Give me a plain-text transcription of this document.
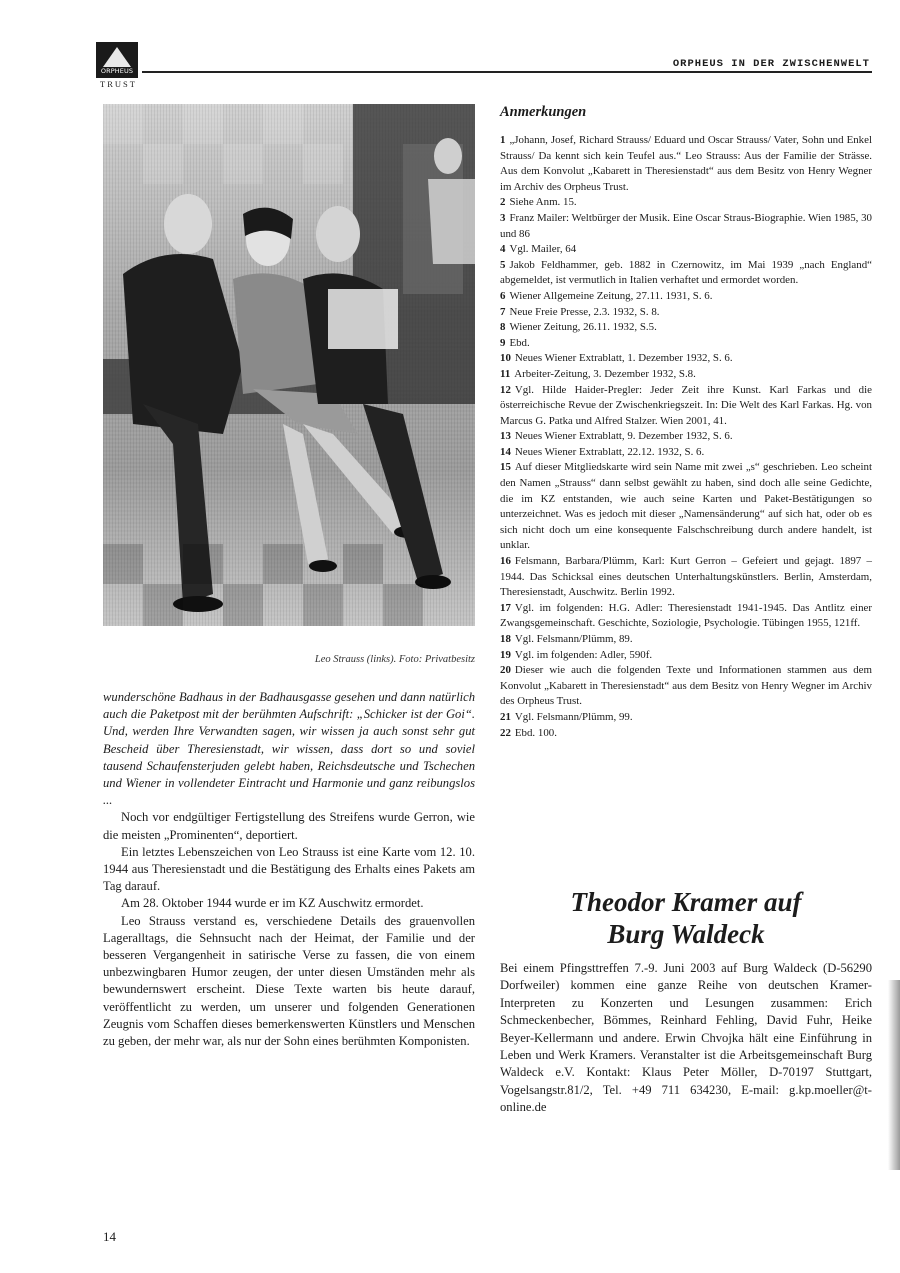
ORPHEUS
TRUST
ORPHEUS IN DER ZWISCHENWELT
Leo Strauss (links). Foto: Privatbesitz

wunderschöne Badhaus in der Badhausgasse gesehen und dann natürlich auch die Paketpost mit der berühmten Aufschrift: „Schicker ist der Goi“. Und, werden Ihre Verwandten sagen, wir wissen ja auch sonst sehr gut Bescheid über Theresienstadt, wir wissen, dass dort so und soviel tausend Schaufensterjuden gelebt haben, Reichsdeutsche und Tschechen und Wiener in vollendeter Eintracht und Harmonie und ganz reibungslos ...

Noch vor endgültiger Fertigstellung des Streifens wurde Gerron, wie die meisten „Prominenten“, deportiert.

Ein letztes Lebenszeichen von Leo Strauss ist eine Karte vom 12. 10. 1944 aus Theresienstadt und die Bestätigung des Erhalts eines Pakets am Tag darauf.

Am 28. Oktober 1944 wurde er im KZ Auschwitz ermordet.

Leo Strauss verstand es, verschiedene Details des grauenvollen Lageralltags, die Sehnsucht nach der Heimat, der Familie und der besseren Vergangenheit in satirische Verse zu fassen, die von einem unbezwingbaren Humor zeugen, der unter diesen Umständen mehr als bewundernswert erscheint. Diese Texte warten bis heute darauf, veröffentlicht zu werden, um unserer und folgenden Generationen Zeugnis vom Schaffen dieses bemerkenswerten Künstlers und Menschen zu geben, der mehr war, als nur der Sohn eines berühmten Komponisten.

Anmerkungen

1 „Johann, Josef, Richard Strauss/ Eduard und Oscar Strauss/ Vater, Sohn und Enkel Strauss/ Da kennt sich kein Teufel aus.“ Leo Strauss: Aus der Familie der Strässe. Aus dem Konvolut „Kabarett in Theresienstadt“ aus dem Besitz von Henry Wegner im Archiv des Orpheus Trust.

2 Siehe Anm. 15.

3 Franz Mailer: Weltbürger der Musik. Eine Oscar Straus-Biographie. Wien 1985, 30 und 86

4 Vgl. Mailer, 64

5 Jakob Feldhammer, geb. 1882 in Czernowitz, im Mai 1939 „nach England“ abgemeldet, ist vermutlich in Italien verhaftet und ermordet worden.

6 Wiener Allgemeine Zeitung, 27.11. 1931, S. 6.

7 Neue Freie Presse, 2.3. 1932, S. 8.

8 Wiener Zeitung, 26.11. 1932, S.5.

9 Ebd.

10 Neues Wiener Extrablatt, 1. Dezember 1932, S. 6.

11 Arbeiter-Zeitung, 3. Dezember 1932, S.8.

12 Vgl. Hilde Haider-Pregler: Jeder Zeit ihre Kunst. Karl Farkas und die österreichische Revue der Zwischenkriegszeit. In: Die Welt des Karl Farkas. Hg. von Marcus G. Patka und Alfred Stalzer. Wien 2001, 41.

13 Neues Wiener Extrablatt, 9. Dezember 1932, S. 6.

14 Neues Wiener Extrablatt, 22.12. 1932, S. 6.

15 Auf dieser Mitgliedskarte wird sein Name mit zwei „s“ geschrieben. Leo scheint den Namen „Strauss“ dann selbst gewählt zu haben, sind doch alle seine Gedichte, die im KZ entstanden, wie auch seine Karten und Paket-Bestätigungen so unterzeichnet. Was es jedoch mit dieser „Namensänderung“ auf sich hat, oder ob es sich nicht doch um eine konsequente Falschschreibung durch andere handelt, ist unklar.

16 Felsmann, Barbara/Plümm, Karl: Kurt Gerron – Gefeiert und gejagt. 1897 – 1944. Das Schicksal eines deutschen Unterhaltungskünstlers. Berlin, Amsterdam, Theresienstadt, Auschwitz. Berlin 1992.

17 Vgl. im folgenden: H.G. Adler: Theresienstadt 1941-1945. Das Antlitz einer Zwangsgemeinschaft. Geschichte, Soziologie, Psychologie. Tübingen 1955, 121ff.

18 Vgl. Felsmann/Plümm, 89.

19 Vgl. im folgenden: Adler, 590f.

20 Dieser wie auch die folgenden Texte und Informationen stammen aus dem Konvolut „Kabarett in Theresienstadt“ aus dem Besitz von Henry Wegner im Archiv des Orpheus Trust.

21 Vgl. Felsmann/Plümm, 99.

22 Ebd. 100.

Theodor Kramer auf
Burg Waldeck
Bei einem Pfingsttreffen 7.-9. Juni 2003 auf Burg Waldeck (D-56290 Dorfweiler) kommen eine ganze Reihe von deutschen Kramer-Interpreten zu Konzerten und Lesungen zusammen: Erich Schmeckenbecher, Bömmes, Reinhard Fehling, David Fuhr, Heike Beyer-Kellermann und andere. Erwin Chvojka hält eine Einführung in Leben und Werk Kramers. Veranstalter ist die Arbeitsgemeinschaft Burg Waldeck e.V. Kontakt: Klaus Peter Möller, D-70197 Stuttgart, Vogelsangstr.81/2, Tel. +49 711 634230, E-mail: g.kp.moeller@t-online.de
14
